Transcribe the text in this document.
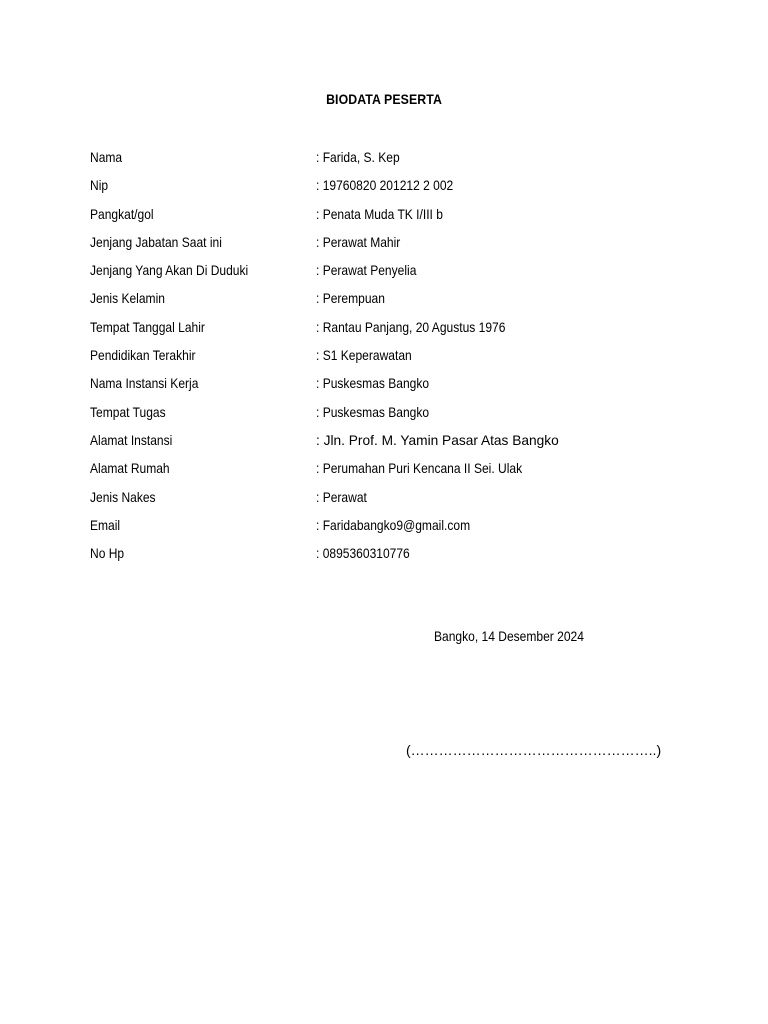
BIODATA PESERTA
Nama	: Farida, S. Kep
Nip	: 19760820 201212 2 002
Pangkat/gol	: Penata Muda TK I/III b
Jenjang Jabatan Saat ini	: Perawat Mahir
Jenjang Yang Akan Di Duduki	: Perawat Penyelia
Jenis Kelamin	: Perempuan
Tempat Tanggal Lahir	: Rantau Panjang, 20 Agustus 1976
Pendidikan Terakhir	: S1 Keperawatan
Nama Instansi Kerja	: Puskesmas Bangko
Tempat Tugas	: Puskesmas Bangko
Alamat Instansi	: Jln. Prof. M. Yamin Pasar Atas Bangko
Alamat Rumah	: Perumahan Puri Kencana II Sei. Ulak
Jenis Nakes	: Perawat
Email	: Faridabangko9@gmail.com
No Hp	: 0895360310776
Bangko, 14 Desember 2024
(……………………………………………..)
